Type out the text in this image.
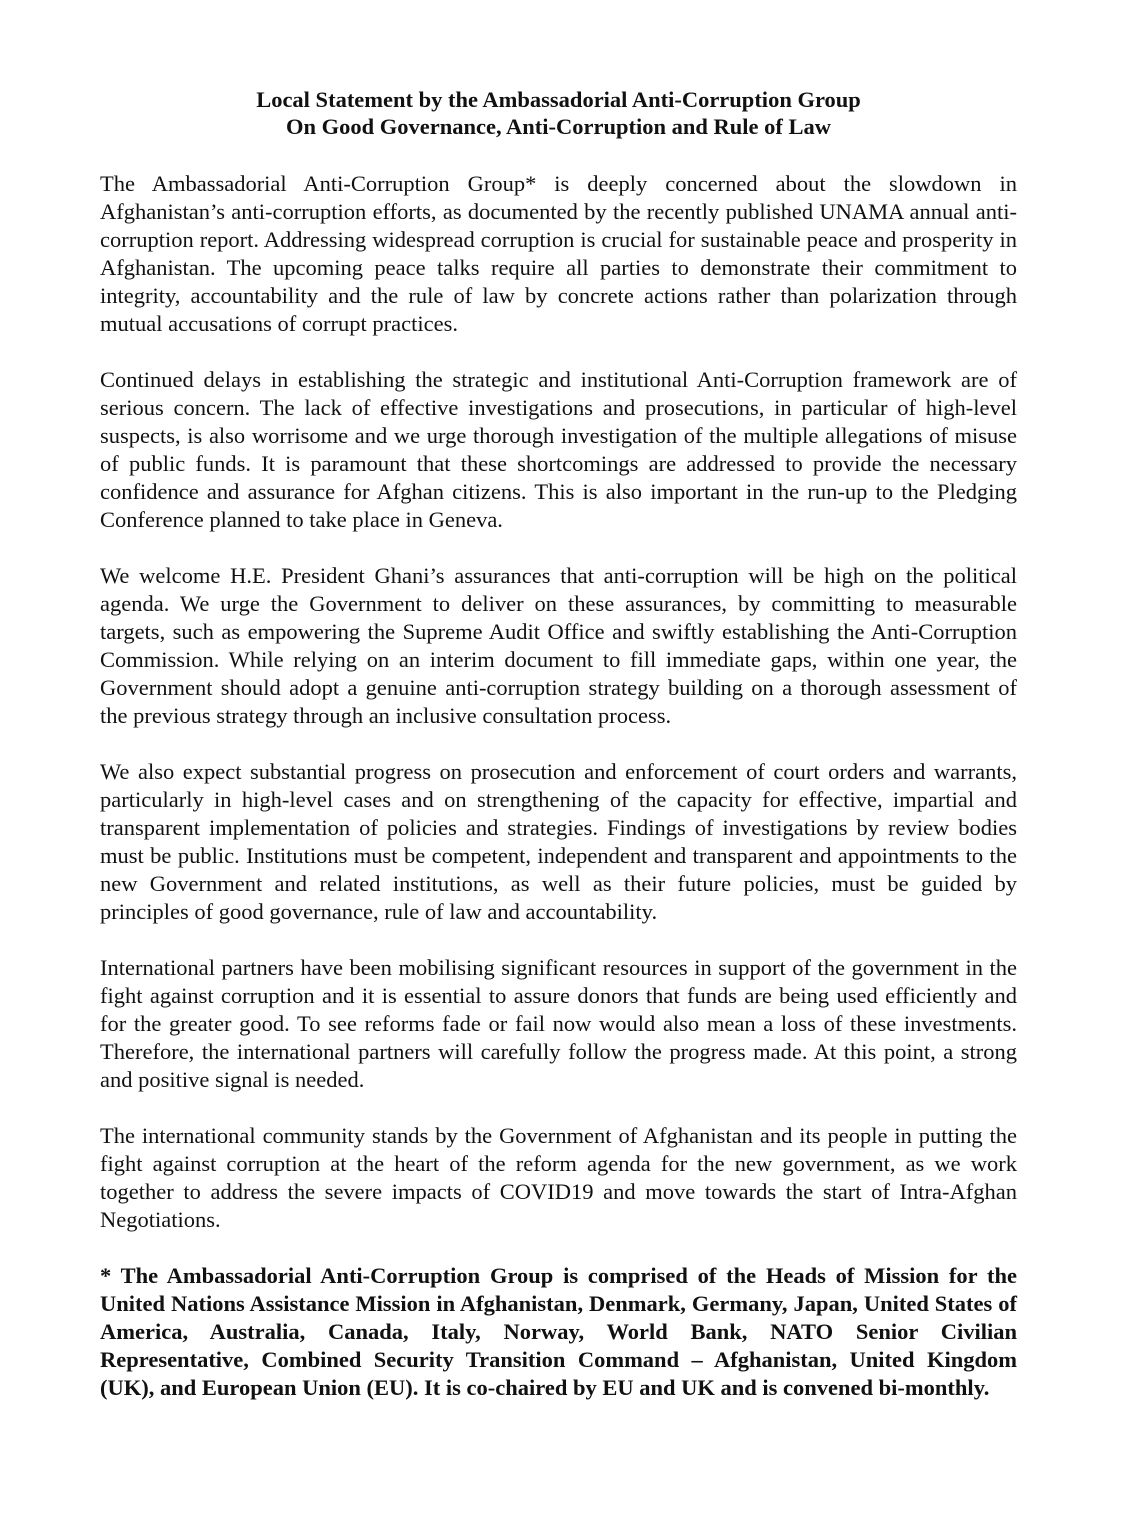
Local Statement by the Ambassadorial Anti-Corruption Group
On Good Governance, Anti-Corruption and Rule of Law

The Ambassadorial Anti-Corruption Group* is deeply concerned about the slowdown in Afghanistan’s anti-corruption efforts, as documented by the recently published UNAMA annual anti-corruption report. Addressing widespread corruption is crucial for sustainable peace and prosperity in Afghanistan. The upcoming peace talks require all parties to demonstrate their commitment to integrity, accountability and the rule of law by concrete actions rather than polarization through mutual accusations of corrupt practices.

Continued delays in establishing the strategic and institutional Anti-Corruption framework are of serious concern. The lack of effective investigations and prosecutions, in particular of high-level suspects, is also worrisome and we urge thorough investigation of the multiple allegations of misuse of public funds. It is paramount that these shortcomings are addressed to provide the necessary confidence and assurance for Afghan citizens. This is also important in the run-up to the Pledging Conference planned to take place in Geneva.

We welcome H.E. President Ghani’s assurances that anti-corruption will be high on the political agenda. We urge the Government to deliver on these assurances, by committing to measurable targets, such as empowering the Supreme Audit Office and swiftly establishing the Anti-Corruption Commission. While relying on an interim document to fill immediate gaps, within one year, the Government should adopt a genuine anti-corruption strategy building on a thorough assessment of the previous strategy through an inclusive consultation process.

We also expect substantial progress on prosecution and enforcement of court orders and warrants, particularly in high-level cases and on strengthening of the capacity for effective, impartial and transparent implementation of policies and strategies. Findings of investigations by review bodies must be public. Institutions must be competent, independent and transparent and appointments to the new Government and related institutions, as well as their future policies, must be guided by principles of good governance, rule of law and accountability.

International partners have been mobilising significant resources in support of the government in the fight against corruption and it is essential to assure donors that funds are being used efficiently and for the greater good. To see reforms fade or fail now would also mean a loss of these investments. Therefore, the international partners will carefully follow the progress made. At this point, a strong and positive signal is needed.

The international community stands by the Government of Afghanistan and its people in putting the fight against corruption at the heart of the reform agenda for the new government, as we work together to address the severe impacts of COVID19 and move towards the start of Intra-Afghan Negotiations.

* The Ambassadorial Anti-Corruption Group is comprised of the Heads of Mission for the United Nations Assistance Mission in Afghanistan, Denmark, Germany, Japan, United States of America, Australia, Canada, Italy, Norway, World Bank, NATO Senior Civilian Representative, Combined Security Transition Command – Afghanistan, United Kingdom (UK), and European Union (EU). It is co-chaired by EU and UK and is convened bi-monthly.
